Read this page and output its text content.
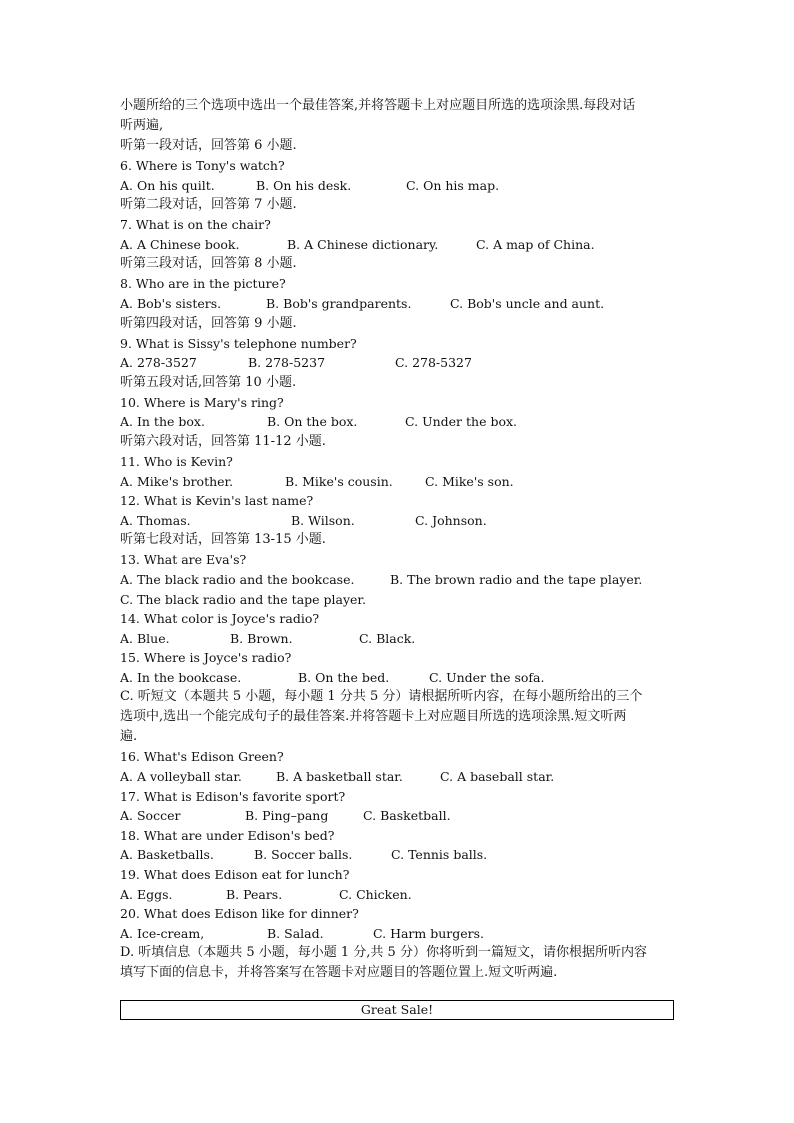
小题所给的三个选项中选出一个最佳答案,并将答题卡上对应题目所选的选项涂黑.每段对话
听两遍,
听第一段对话，回答第 6 小题.
6. Where is Tony's watch?
A. On his quilt.	B. On his desk.	C. On his map.
听第二段对话，回答第 7 小题.
7. What is on the chair?
A. A Chinese book.	B. A Chinese dictionary.	C. A map of China.
听第三段对话，回答第 8 小题.
8. Who are in the picture?
A. Bob's sisters.	B. Bob's grandparents.	C. Bob's uncle and aunt.
听第四段对话，回答第 9 小题.
9. What is Sissy's telephone number?
A. 278-3527	B. 278-5237	C. 278-5327
听第五段对话,回答第 10 小题.
10. Where is Mary's ring?
A. In the box.	B. On the box.	C. Under the box.
听第六段对话，回答第 11-12 小题.
11. Who is Kevin?
A. Mike's brother.	B. Mike's cousin.	C. Mike's son.
12. What is Kevin's last name?
A. Thomas.	B. Wilson.	C. Johnson.
听第七段对话，回答第 13-15 小题.
13. What are Eva's?
A. The black radio and the bookcase.	B. The brown radio and the tape player.
C. The black radio and the tape player.
14. What color is Joyce's radio?
A. Blue.	B. Brown.	C. Black.
15. Where is Joyce's radio?
A. In the bookcase.	B. On the bed.	C. Under the sofa.
C. 听短文（本题共 5 小题，每小题 1 分共 5 分）请根据所听内容，在每小题所给出的三个
选项中,选出一个能完成句子的最佳答案.并将答题卡上对应题目所选的选项涂黑.短文听两
遍.
16. What's Edison Green?
A. A volleyball star.	B. A basketball star.	C. A baseball star.
17. What is Edison's favorite sport?
A. Soccer	B. Ping–pang	C. Basketball.
18. What are under Edison's bed?
A. Basketballs.	B. Soccer balls.	C. Tennis balls.
19. What does Edison eat for lunch?
A. Eggs.	B. Pears.	C. Chicken.
20. What does Edison like for dinner?
A. Ice-cream,	B. Salad.	C. Harm burgers.
D. 听填信息（本题共 5 小题，每小题 1 分,共 5 分）你将听到一篇短文，请你根据所听内容
填写下面的信息卡，并将答案写在答题卡对应题目的答题位置上.短文听两遍.
Great Sale!
